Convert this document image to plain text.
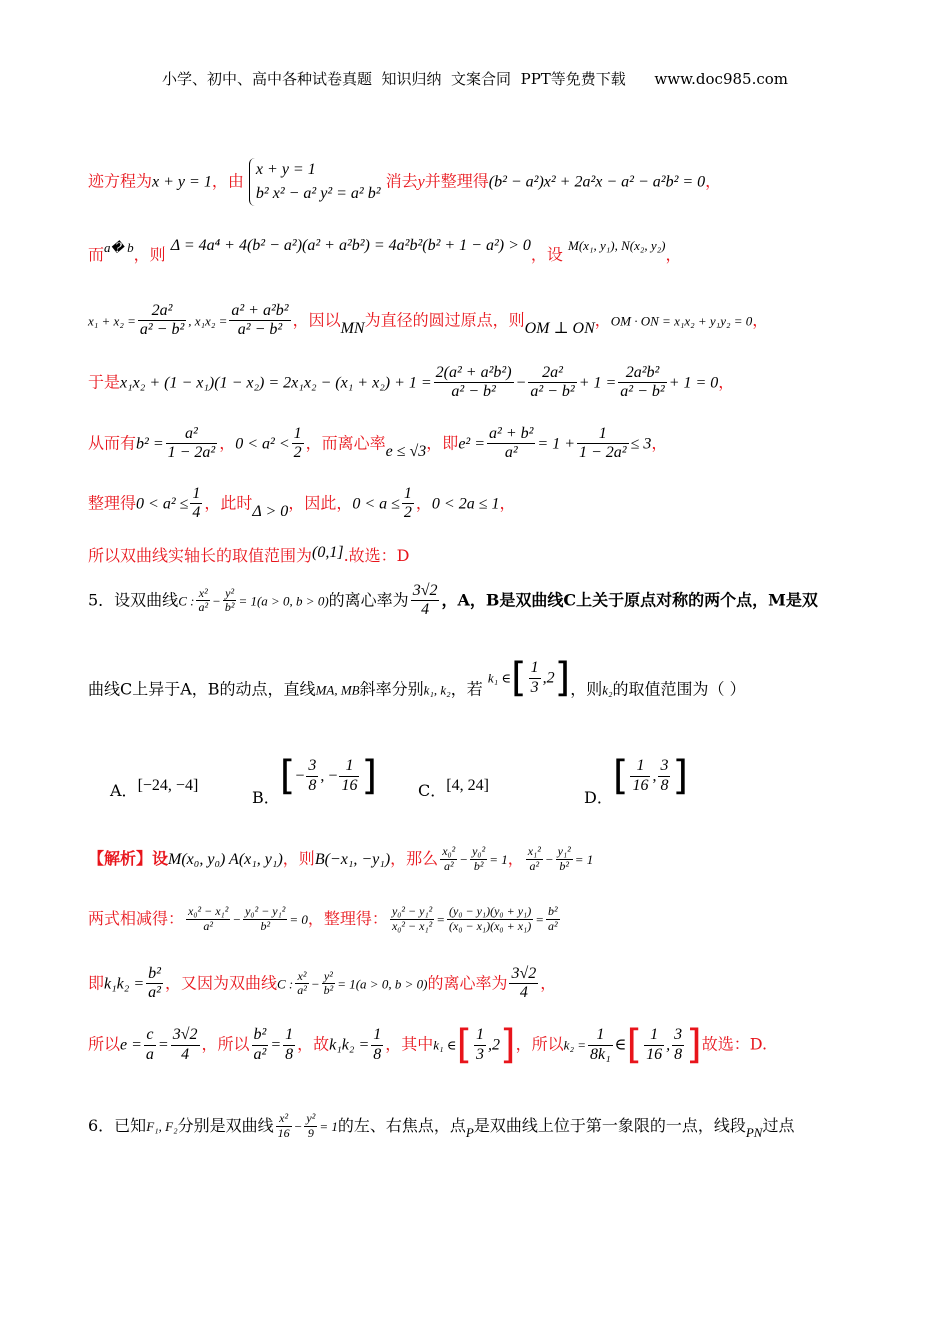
小学、初中、高中各种试卷真题  知识归纳  文案合同  PPT等免费下载 www.doc985.com
迹方程为x + y = 1，由
x + y = 1
b² x² − a² y² = a² b²
消去y并整理得(b² − a²)x² + 2a²x − a² − a²b² = 0，
而$^{a� b}$，则 Δ = 4a⁴ + 4(b² − a²)(a² + a²b²) = 4a²b²(b² + 1 − a²) > 0，设 $^{M(x_1, y_1), N(x_2, y_2)}$，
$x_1 + x_2 = \frac{\text{2a²}}{\text{a² − b²}}$ , $x_1x_2 = \frac{\text{a² + a²b²}}{\text{a² − b²}}$ ，因以MN为直径的圆过原点，则OM ⊥ ON，OM · ON = x₁x₂ + y₁y₂ = 0，
于是$x_1x_2 + (1 - x_1)(1 - x_2) = 2x_1x_2 - (x_1 + x_2) + 1 = \frac{\text{2(a² + a²b²)}}{\text{a² − b²}} - \frac{\text{2a²}}{\text{a² − b²}} + 1 = \frac{\text{2a²b²}}{\text{a² − b²}} + 1 = 0$，
从而有$b^2 = \frac{\text{a²}}{\text{1 − 2a²}}$ ，$0 < a^2 < \frac{1}{2}$ ，而离心率e ≤ √3，即$e^2 = \frac{\text{a² + b²}}{\text{a²}} = 1 + \frac{1}{\text{1 − 2a²}} \le 3$，
整理得$0 < a^2 \le \frac{1}{4}$ ，此时Δ > 0，因此，$0 < a \le \frac{1}{2}$ ，0 < 2a ≤ 1，
所以双曲线实轴长的取值范围为(0,1].故选：D
5．设双曲线C : $\frac{\text{x²}}{\text{a²}} - \frac{\text{y²}}{\text{b²}} = 1(a > 0$, b > 0)的离心率为 $\frac{3√2}{4}$ ，A，B是双曲线C上关于原点对称的两个点，M是双
曲线C上异于A，B的动点，直线MA, MB斜率分别k₁, k₂，若 k₁ ∈[ $\frac{1}{3} ,2$]，则k₂的取值范围为（ ）
A．[−24, −4]
B．[− $\frac{3}{8}$ , − $\frac{1}{16}$ ]	C．[4, 24]
D．[ $\frac{1}{16}$ , $\frac{3}{8}$ ]
【解析】设M(x₀, y₀) A(x₁, y₁)，则B(−x₁, −y₁)，那么 $\frac{\text{x₀²}}{\text{a²}} - \frac{\text{y₀²}}{\text{b²}} = 1$， $\frac{\text{x₁²}}{\text{a²}} - \frac{\text{y₁²}}{\text{b²}} = 1$
两式相减得： $\frac{\text{x₀² − x₁²}}{\text{a²}} - \frac{\text{y₀² − y₁²}}{\text{b²}} = 0$，整理得： $\frac{\text{y₀² − y₁²}}{\text{x₀² − x₁²}} = \frac{\text{(y₀ − y₁)(y₀ + y₁)}}{\text{(x₀ − x₁)(x₀ + x₁)}} = \frac{\text{b²}}{\text{a²}}$
即$k_1k_2 = \frac{\text{b²}}{\text{a²}}$ ，又因为双曲线C : $\frac{\text{x²}}{\text{a²}} - \frac{\text{y²}}{\text{b²}} = 1(a > 0$, b > 0)的离心率为 $\frac{3√2}{4}$ ，
所以$e = \frac{c}{a} = \frac{3√2}{4}$ ，所以 $\frac{\text{b²}}{\text{a²}} = \frac{1}{8}$ ，故$k_1k_2 = \frac{1}{8}$ ，其中k₁ ∈[ $\frac{1}{3} ,2$]，所以$k_2 = \frac{1}{\text{8k₁}}$ ∈[ $\frac{1}{16}$ , $\frac{3}{8}$ ]故选：D.
6．已知F₁, F₂分别是双曲线 $\frac{\text{x²}}{16} - \frac{\text{y²}}{9} = 1$的左、右焦点，点$_P$是双曲线上位于第一象限的一点，线段$_{PN}$过点
